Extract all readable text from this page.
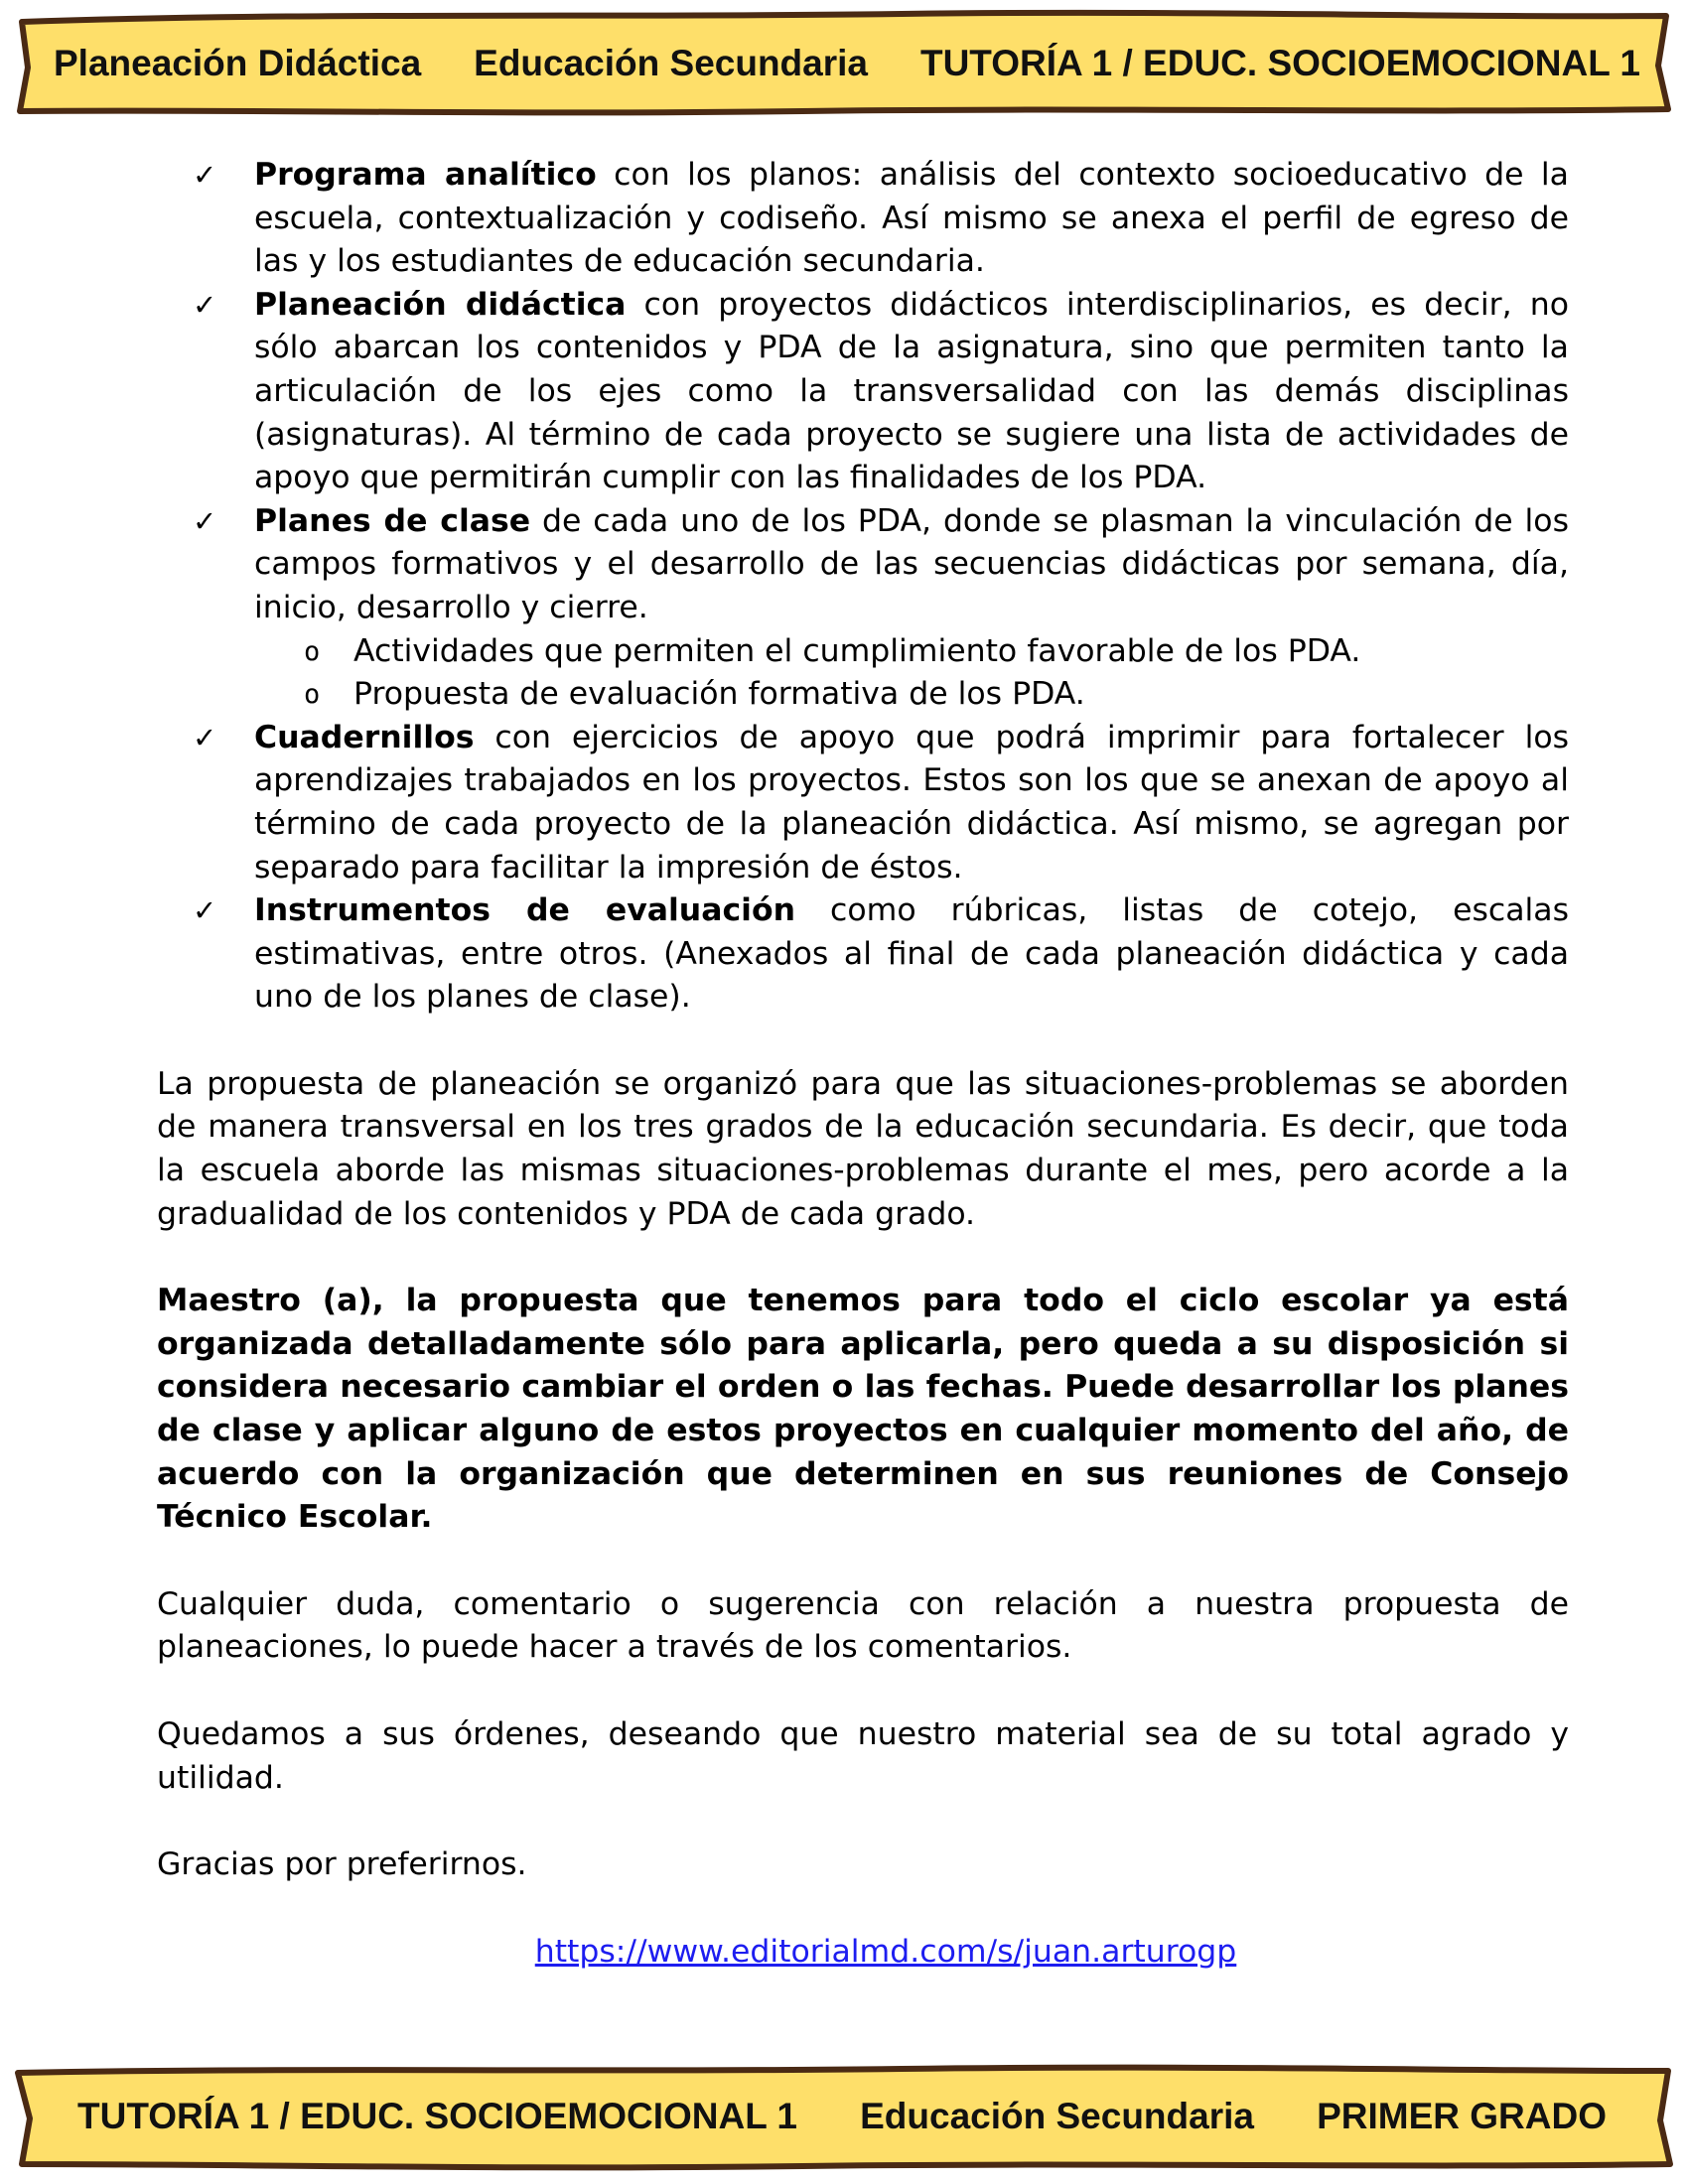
Planeación Didáctica Educación Secundaria TUTORÍA 1 / EDUC. SOCIOEMOCIONAL 1
✓ Programa analítico con los planos: análisis del contexto socioeducativo de la escuela, contextualización y codiseño. Así mismo se anexa el perfil de egreso de las y los estudiantes de educación secundaria.
✓ Planeación didáctica con proyectos didácticos interdisciplinarios, es decir, no sólo abarcan los contenidos y PDA de la asignatura, sino que permiten tanto la articulación de los ejes como la transversalidad con las demás disciplinas (asignaturas). Al término de cada proyecto se sugiere una lista de actividades de apoyo que permitirán cumplir con las finalidades de los PDA.
✓ Planes de clase de cada uno de los PDA, donde se plasman la vinculación de los campos formativos y el desarrollo de las secuencias didácticas por semana, día, inicio, desarrollo y cierre.
o Actividades que permiten el cumplimiento favorable de los PDA.
o Propuesta de evaluación formativa de los PDA.
✓ Cuadernillos con ejercicios de apoyo que podrá imprimir para fortalecer los aprendizajes trabajados en los proyectos. Estos son los que se anexan de apoyo al término de cada proyecto de la planeación didáctica. Así mismo, se agregan por separado para facilitar la impresión de éstos.
✓ Instrumentos de evaluación como rúbricas, listas de cotejo, escalas estimativas, entre otros. (Anexados al final de cada planeación didáctica y cada uno de los planes de clase).

La propuesta de planeación se organizó para que las situaciones-problemas se aborden de manera transversal en los tres grados de la educación secundaria. Es decir, que toda la escuela aborde las mismas situaciones-problemas durante el mes, pero acorde a la gradualidad de los contenidos y PDA de cada grado.

Maestro (a), la propuesta que tenemos para todo el ciclo escolar ya está organizada detalladamente sólo para aplicarla, pero queda a su disposición si considera necesario cambiar el orden o las fechas. Puede desarrollar los planes de clase y aplicar alguno de estos proyectos en cualquier momento del año, de acuerdo con la organización que determinen en sus reuniones de Consejo Técnico Escolar.

Cualquier duda, comentario o sugerencia con relación a nuestra propuesta de planeaciones, lo puede hacer a través de los comentarios.

Quedamos a sus órdenes, deseando que nuestro material sea de su total agrado y utilidad.

Gracias por preferirnos.

https://www.editorialmd.com/s/juan.arturogp

TUTORÍA 1 / EDUC. SOCIOEMOCIONAL 1 Educación Secundaria PRIMER GRADO
